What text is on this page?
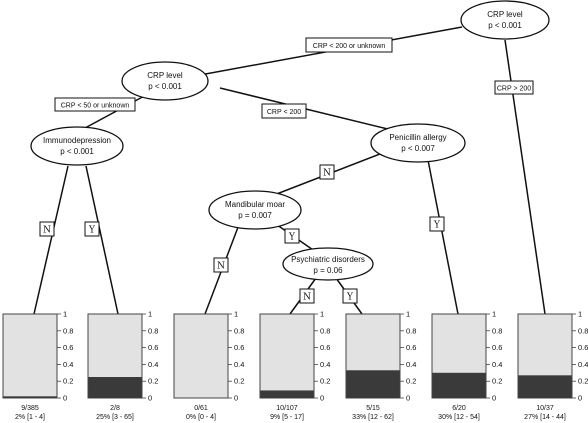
CRP < 200 or unknown
CRP > 200
CRP < 50 or unknown
CRP < 200
N	Y
N
Y
N
Y
N	Y
CRP level
p < 0.001
CRP level
p < 0.001
Immunodepression
p < 0.001
Penicillin allergy
p < 0.007
Mandibular moar
p = 0.007
Psychiatric disorders
p = 0.06
0
0.2
0.4
0.6
0.8
1
9/385
2% [1 - 4]
0
0.2
0.4
0.6
0.8
1
2/8
25% [3 - 65]
0
0.2
0.4
0.6
0.8
1
0/61
0% [0 - 4]
0
0.2
0.4
0.6
0.8
1
10/107
9% [5 - 17]
0
0.2
0.4
0.6
0.8
1
5/15
33% [12 - 62]
0
0.2
0.4
0.6
0.8
1
6/20
30% [12 - 54]
0
0.2
0.4
0.6
0.8
1
10/37
27% [14 - 44]
